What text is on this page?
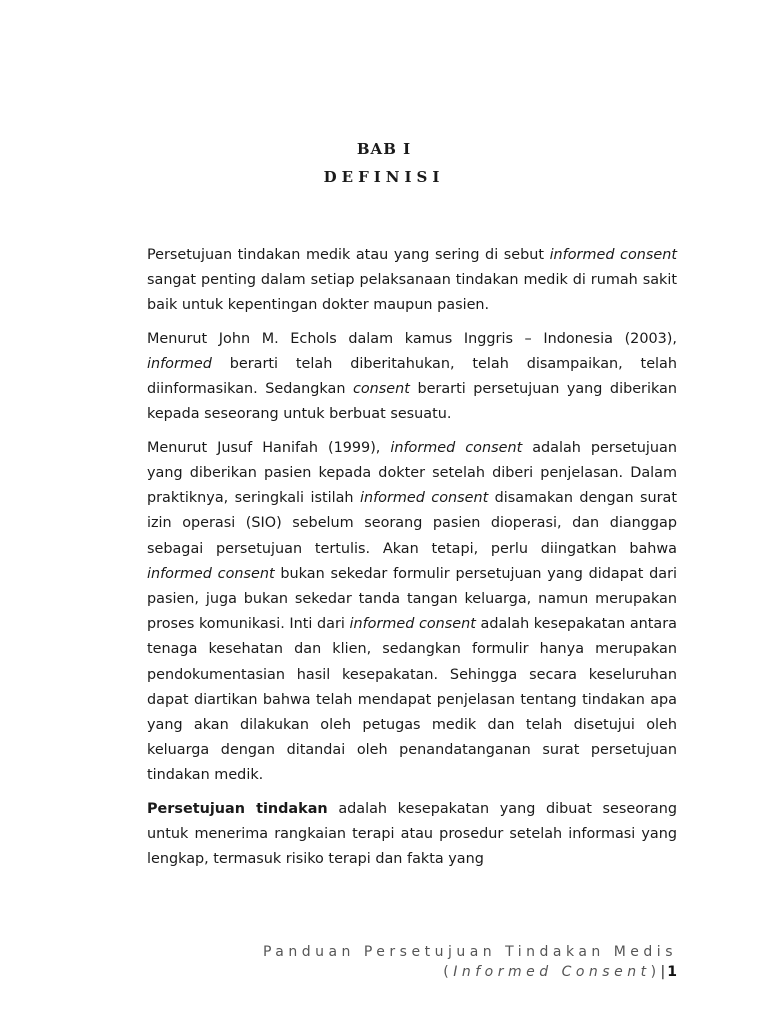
BAB I
DEFINISI

Persetujuan tindakan medik atau yang sering di sebut informed consent sangat penting dalam setiap pelaksanaan tindakan medik di rumah sakit baik untuk kepentingan dokter maupun pasien.

Menurut John M. Echols dalam kamus Inggris – Indonesia (2003), informed berarti telah diberitahukan, telah disampaikan, telah diinformasikan. Sedangkan consent berarti persetujuan yang diberikan kepada seseorang untuk berbuat sesuatu.

Menurut Jusuf Hanifah (1999), informed consent adalah persetujuan yang diberikan pasien kepada dokter setelah diberi penjelasan. Dalam praktiknya, seringkali istilah informed consent disamakan dengan surat izin operasi (SIO) sebelum seorang pasien dioperasi, dan dianggap sebagai persetujuan tertulis. Akan tetapi, perlu diingatkan bahwa informed consent bukan sekedar formulir persetujuan yang didapat dari pasien, juga bukan sekedar tanda tangan keluarga, namun merupakan proses komunikasi. Inti dari informed consent adalah kesepakatan antara tenaga kesehatan dan klien, sedangkan formulir hanya merupakan pendokumentasian hasil kesepakatan. Sehingga secara keseluruhan dapat diartikan bahwa telah mendapat penjelasan tentang tindakan apa yang akan dilakukan oleh petugas medik dan telah disetujui oleh keluarga dengan ditandai oleh penandatanganan surat persetujuan tindakan medik.

Persetujuan tindakan adalah kesepakatan yang dibuat seseorang untuk menerima rangkaian terapi atau prosedur setelah informasi yang lengkap, termasuk risiko terapi dan fakta yang

Panduan Persetujuan Tindakan Medis
(Informed Consent)|1
